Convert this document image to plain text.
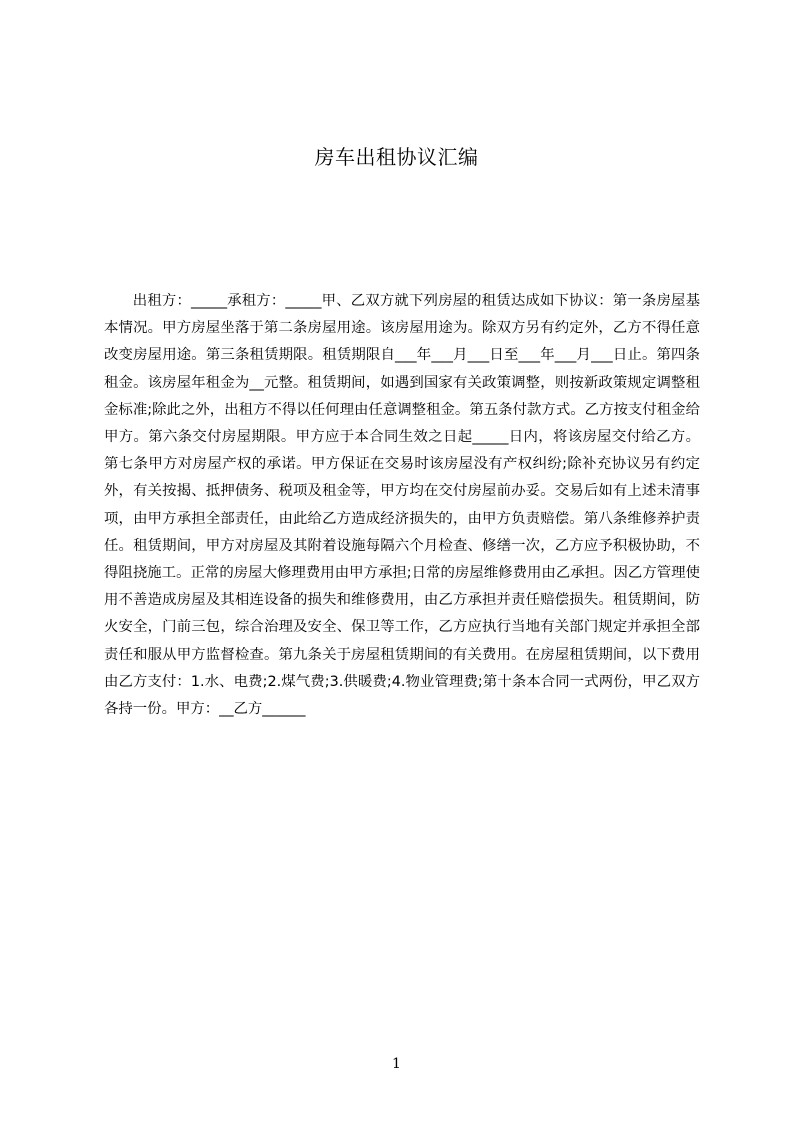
房车出租协议汇编

出租方：_____承租方：_____甲、乙双方就下列房屋的租赁达成如下协议：第一条房屋基本情况。甲方房屋坐落于第二条房屋用途。该房屋用途为。除双方另有约定外，乙方不得任意改变房屋用途。第三条租赁期限。租赁期限自___年___月___日至___年___月___日止。第四条租金。该房屋年租金为__元整。租赁期间，如遇到国家有关政策调整，则按新政策规定调整租金标准;除此之外，出租方不得以任何理由任意调整租金。第五条付款方式。乙方按支付租金给甲方。第六条交付房屋期限。甲方应于本合同生效之日起_____日内，将该房屋交付给乙方。第七条甲方对房屋产权的承诺。甲方保证在交易时该房屋没有产权纠纷;除补充协议另有约定外，有关按揭、抵押债务、税项及租金等，甲方均在交付房屋前办妥。交易后如有上述未清事项，由甲方承担全部责任，由此给乙方造成经济损失的，由甲方负责赔偿。第八条维修养护责任。租赁期间，甲方对房屋及其附着设施每隔六个月检查、修缮一次，乙方应予积极协助，不得阻挠施工。正常的房屋大修理费用由甲方承担;日常的房屋维修费用由乙承担。因乙方管理使用不善造成房屋及其相连设备的损失和维修费用，由乙方承担并责任赔偿损失。租赁期间，防火安全，门前三包，综合治理及安全、保卫等工作，乙方应执行当地有关部门规定并承担全部责任和服从甲方监督检查。第九条关于房屋租赁期间的有关费用。在房屋租赁期间，以下费用由乙方支付：1.水、电费;2.煤气费;3.供暖费;4.物业管理费;第十条本合同一式两份，甲乙双方各持一份。甲方：__乙方______

1
